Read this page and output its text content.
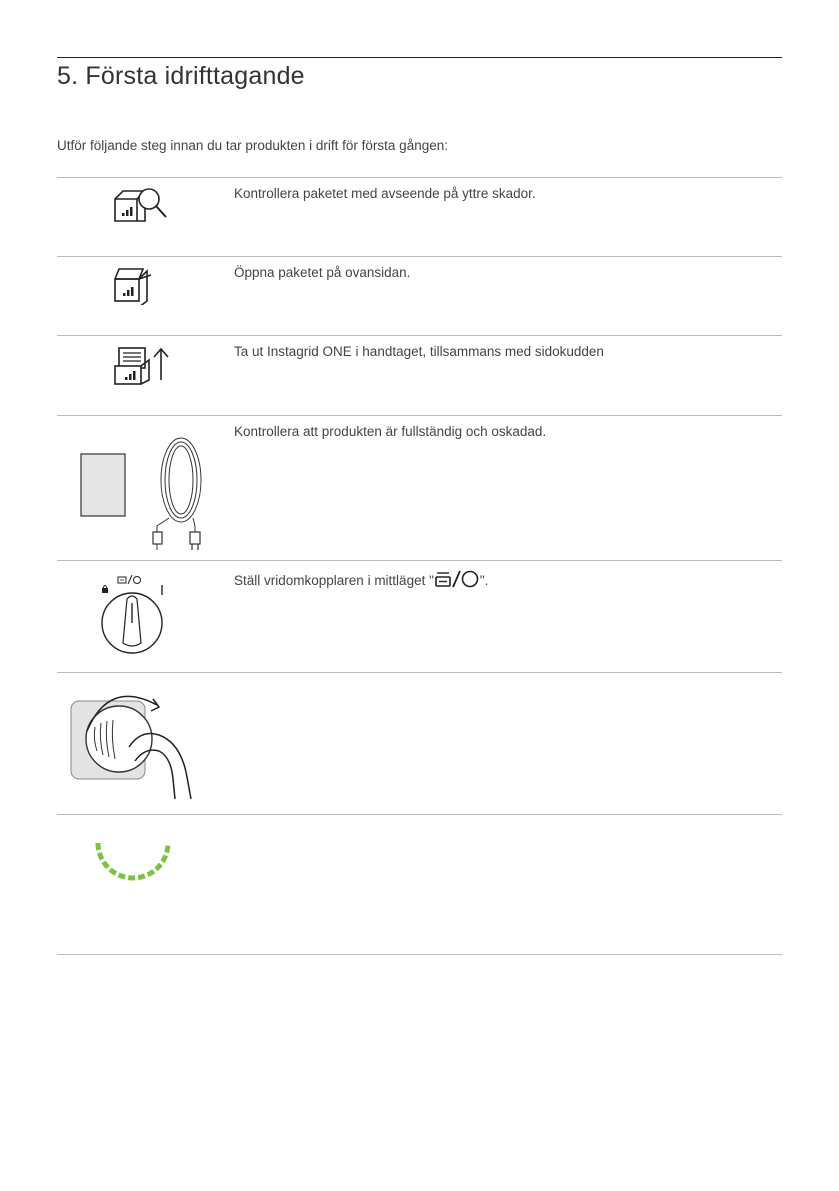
5. Första idrifttagande

Utför följande steg innan du tar produkten i drift för första gången:

Kontrollera paketet med avseende på yttre skador.
Öppna paketet på ovansidan.
Ta ut Instagrid ONE i handtaget, tillsammans med sidokudden
Kontrollera att produkten är fullständig och oskadad.
Ställ vridomkopplaren i mittläget "	".
